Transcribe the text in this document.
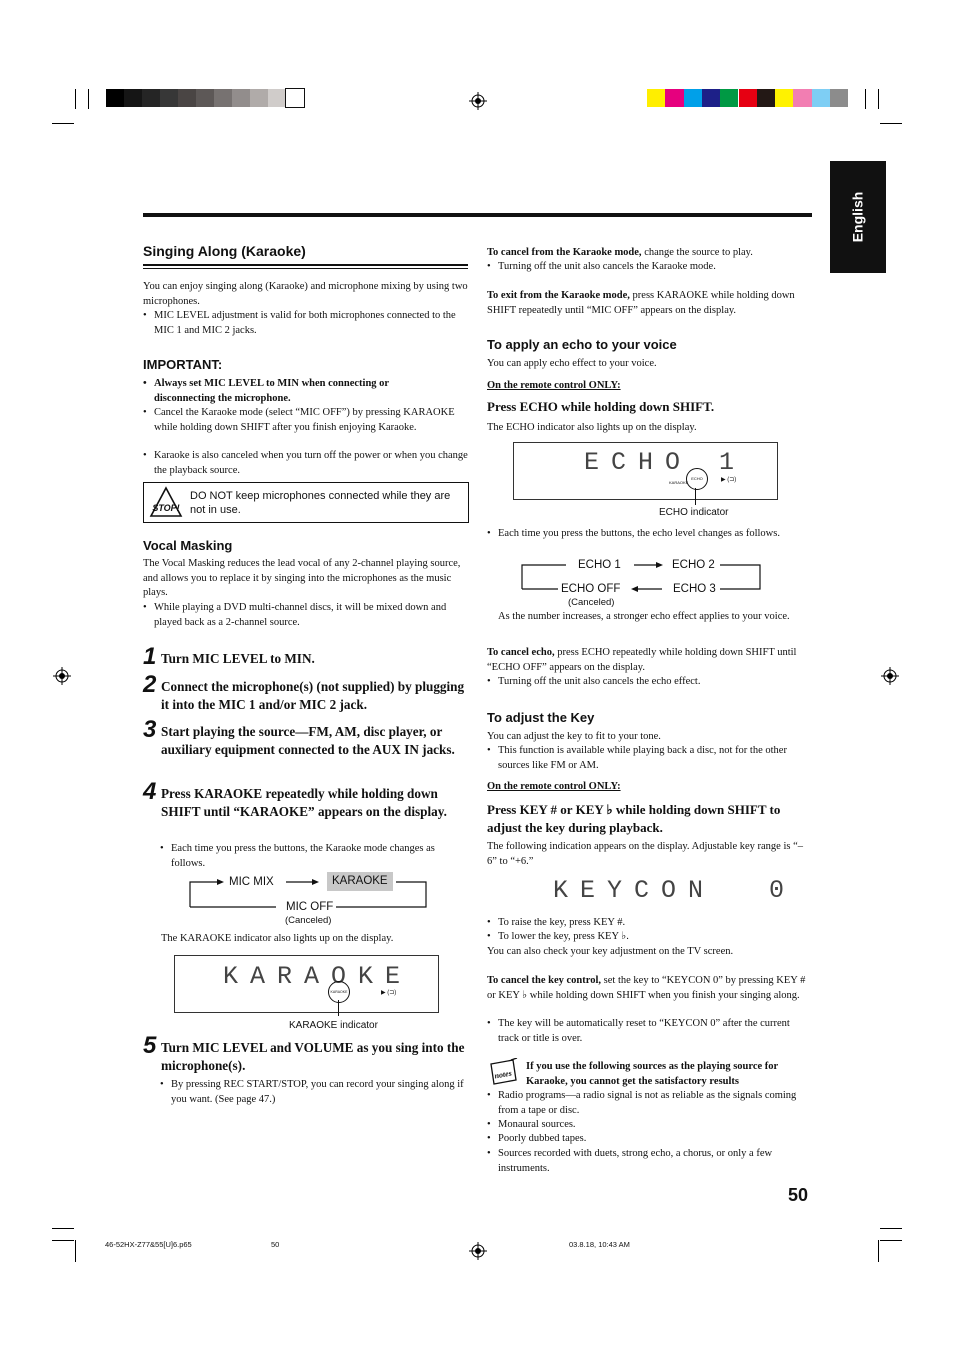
English
Singing Along (Karaoke)

You can enjoy singing along (Karaoke) and microphone mixing by using two microphones.

• MIC LEVEL adjustment is valid for both microphones connected to the MIC 1 and MIC 2 jacks.

IMPORTANT:

• Always set MIC LEVEL to MIN when connecting or disconnecting the microphone.

• Cancel the Karaoke mode (select “MIC OFF”) by pressing KARAOKE while holding down SHIFT after you finish enjoying Karaoke.

• Karaoke is also canceled when you turn off the power or when you change the playback source.

STOP!
DO NOT keep microphones connected while they are not in use.
Vocal Masking

The Vocal Masking reduces the lead vocal of any 2-channel playing source, and allows you to replace it by singing into the microphones as the music plays.

• While playing a DVD multi-channel discs, it will be mixed down and played back as a 2-channel source.

1 Turn MIC LEVEL to MIN.
2 Connect the microphone(s) (not supplied) by plugging it into the MIC 1 and/or MIC 2 jack.
3 Start playing the source—FM, AM, disc player, or auxiliary equipment connected to the AUX IN jacks.
4 Press KARAOKE repeatedly while holding down SHIFT until “KARAOKE” appears on the display.

• Each time you press the buttons, the Karaoke mode changes as follows.

MIC MIX	KARAOKE
MIC OFF
(Canceled)

The KARAOKE indicator also lights up on the display.

KARAOKE
KARAOKE	▶ (⊐)
KARAOKE indicator
5 Turn MIC LEVEL and VOLUME as you sing into the microphone(s).

• By pressing REC START/STOP, you can record your singing along if you want. (See page 47.)

To cancel from the Karaoke mode, change the source to play.

• Turning off the unit also cancels the Karaoke mode.

To exit from the Karaoke mode, press KARAOKE while holding down SHIFT repeatedly until “MIC OFF” appears on the display.

To apply an echo to your voice

You can apply echo effect to your voice.

On the remote control ONLY:

Press ECHO while holding down SHIFT.

The ECHO indicator also lights up on the display.

ECHO 1
KARAOKE
ECHO	▶ (⊐)
ECHO indicator

• Each time you press the buttons, the echo level changes as follows.

ECHO 1	ECHO 2
ECHO 3
ECHO OFF
(Canceled)

As the number increases, a stronger echo effect applies to your voice.

To cancel echo, press ECHO repeatedly while holding down SHIFT until “ECHO OFF” appears on the display.

• Turning off the unit also cancels the echo effect.

To adjust the Key

You can adjust the key to fit to your tone.

• This function is available while playing back a disc, not for the other sources like FM or AM.

On the remote control ONLY:

Press KEY # or KEY ♭ while holding down SHIFT to adjust the key during playback.

The following indication appears on the display. Adjustable key range is “–6” to “+6.”

KEYCON  0

• To raise the key, press KEY #.

• To lower the key, press KEY ♭.

You can also check your key adjustment on the TV screen.

To cancel the key control, set the key to “KEYCON 0” by pressing KEY # or KEY ♭ while holding down SHIFT when you finish your singing along.

• The key will be automatically reset to “KEYCON 0” after the current track or title is over.

notes

If you use the following sources as the playing source for Karaoke, you cannot get the satisfactory results

• Radio programs—a radio signal is not as reliable as the signals coming from a tape or disc.

• Monaural sources.

• Poorly dubbed tapes.

• Sources recorded with duets, strong echo, a chorus, or only a few instruments.

50
46-52HX-Z77&55[U]6.p65	50	03.8.18, 10:43 AM
